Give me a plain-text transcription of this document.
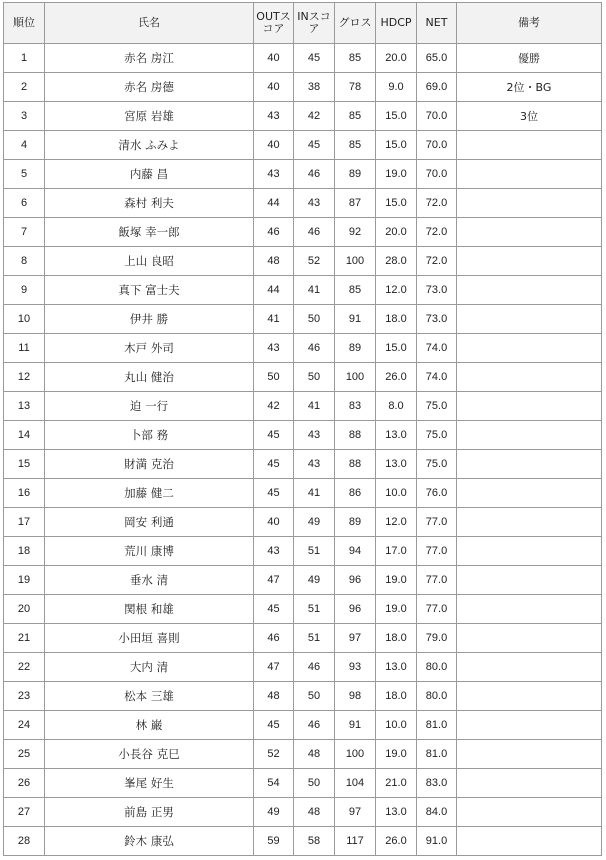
順位	氏名	OUTスコア	INスコア	グロス	HDCP	NET	備考
1	赤名 房江	40	45	85	20.0	65.0	優勝
2	赤名 房德	40	38	78	9.0	69.0	2位・BG
3	宮原 岩雄	43	42	85	15.0	70.0	3位
4	清水 ふみよ	40	45	85	15.0	70.0	
5	内藤 昌	43	46	89	19.0	70.0	
6	森村 利夫	44	43	87	15.0	72.0	
7	飯塚 幸一郎	46	46	92	20.0	72.0	
8	上山 良昭	48	52	100	28.0	72.0	
9	真下 富士夫	44	41	85	12.0	73.0	
10	伊井 勝	41	50	91	18.0	73.0	
11	木戸 外司	43	46	89	15.0	74.0	
12	丸山 健治	50	50	100	26.0	74.0	
13	迫 一行	42	41	83	8.0	75.0	
14	卜部 務	45	43	88	13.0	75.0	
15	財満 克治	45	43	88	13.0	75.0	
16	加藤 健二	45	41	86	10.0	76.0	
17	岡安 利通	40	49	89	12.0	77.0	
18	荒川 康博	43	51	94	17.0	77.0	
19	垂水 清	47	49	96	19.0	77.0	
20	関根 和雄	45	51	96	19.0	77.0	
21	小田垣 喜則	46	51	97	18.0	79.0	
22	大内 清	47	46	93	13.0	80.0	
23	松本 三雄	48	50	98	18.0	80.0	
24	林 巌	45	46	91	10.0	81.0	
25	小長谷 克巳	52	48	100	19.0	81.0	
26	峯尾 好生	54	50	104	21.0	83.0	
27	前島 正男	49	48	97	13.0	84.0	
28	鈴木 康弘	59	58	117	26.0	91.0	
